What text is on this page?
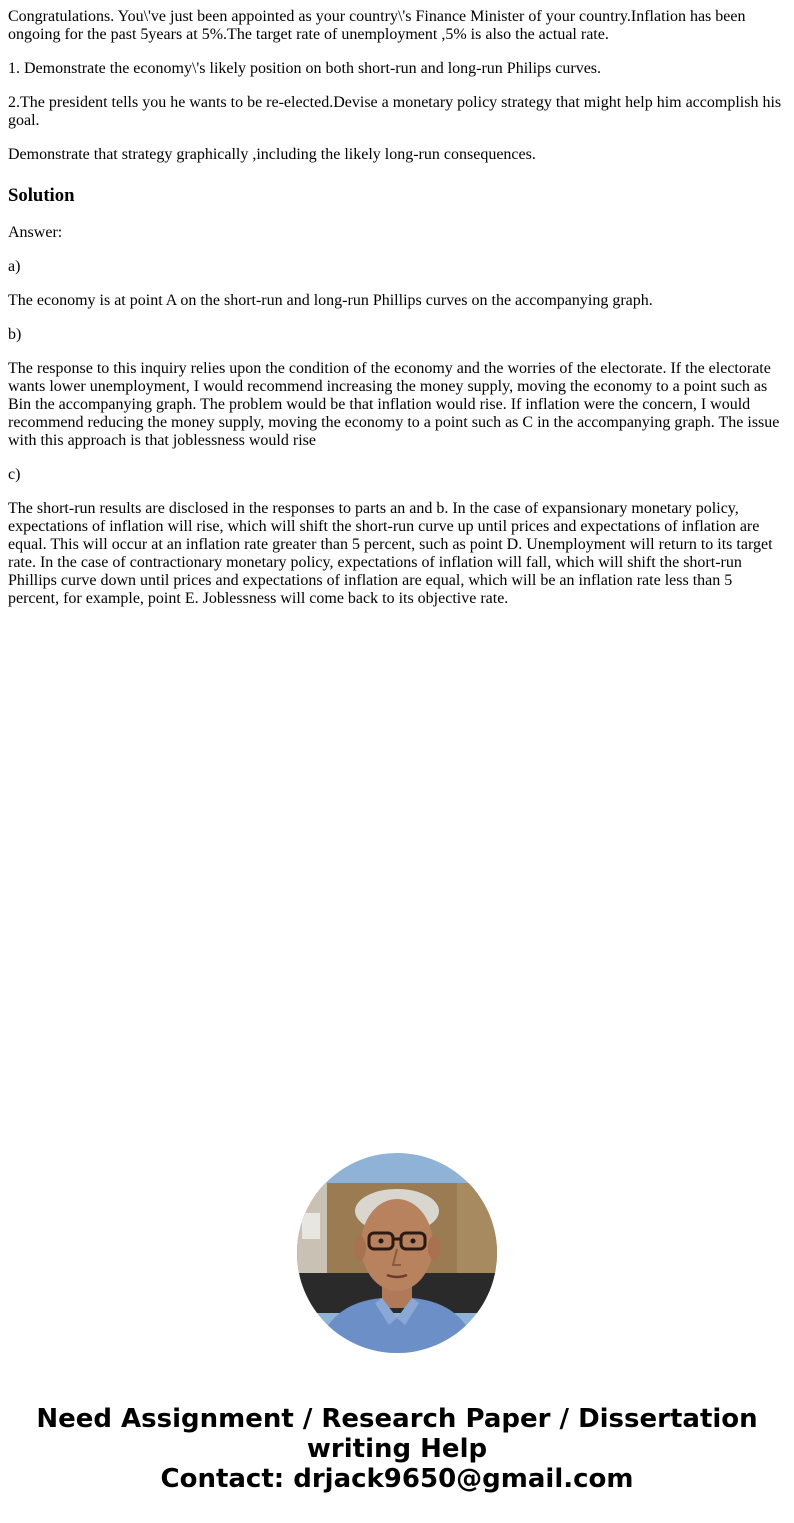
Congratulations. You\'ve just been appointed as your country\'s Finance Minister of your country.Inflation has been ongoing for the past 5years at 5%.The target rate of unemployment ,5% is also the actual rate.

1. Demonstrate the economy\'s likely position on both short-run and long-run Philips curves.

2.The president tells you he wants to be re-elected.Devise a monetary policy strategy that might help him accomplish his goal.

Demonstrate that strategy graphically ,including the likely long-run consequences.

Solution

Answer:

a)

The economy is at point A on the short-run and long-run Phillips curves on the accompanying graph.

b)

The response to this inquiry relies upon the condition of the economy and the worries of the electorate. If the electorate wants lower unemployment, I would recommend increasing the money supply, moving the economy to a point such as Bin the accompanying graph. The problem would be that inflation would rise. If inflation were the concern, I would recommend reducing the money supply, moving the economy to a point such as C in the accompanying graph. The issue with this approach is that joblessness would rise

c)

The short-run results are disclosed in the responses to parts an and b. In the case of expansionary monetary policy, expectations of inflation will rise, which will shift the short-run curve up until prices and expectations of inflation are equal. This will occur at an inflation rate greater than 5 percent, such as point D. Unemployment will return to its target rate. In the case of contractionary monetary policy, expectations of inflation will fall, which will shift the short-run Phillips curve down until prices and expectations of inflation are equal, which will be an inflation rate less than 5 percent, for example, point E. Joblessness will come back to its objective rate.

Need Assignment / Research Paper / Dissertation
writing Help
Contact: drjack9650@gmail.com
